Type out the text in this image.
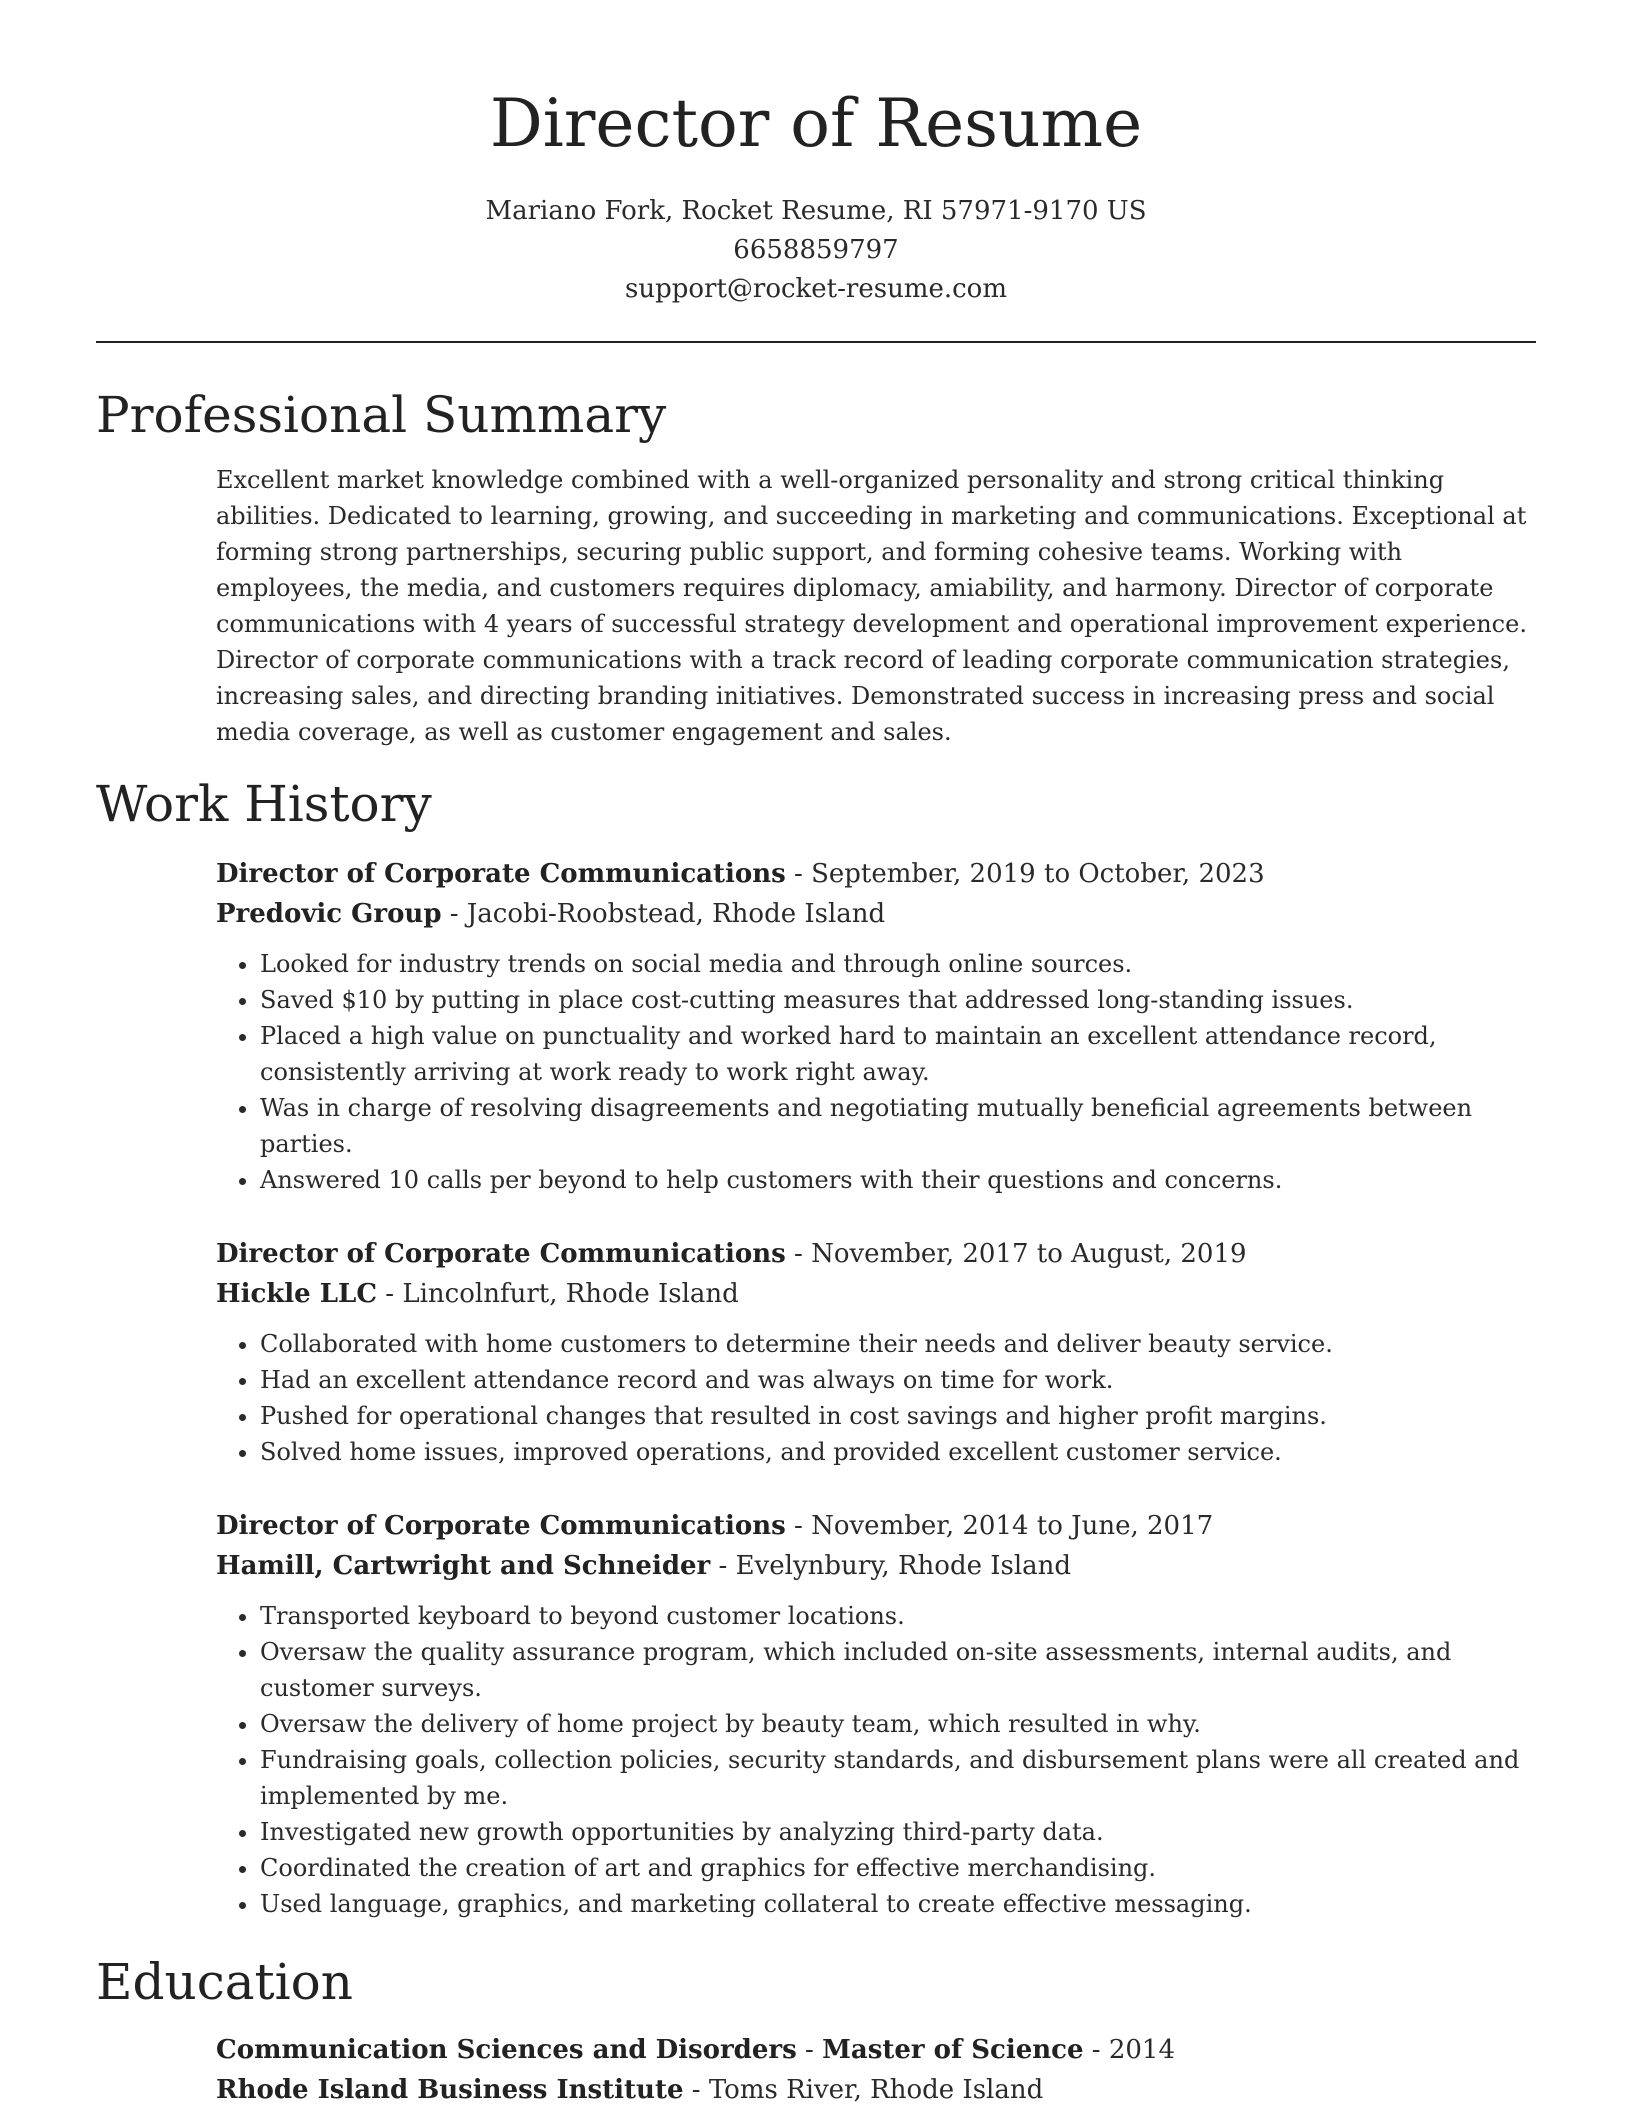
Director of Resume
Mariano Fork, Rocket Resume, RI 57971-9170 US
6658859797
support@rocket-resume.com
Professional Summary

Excellent market knowledge combined with a well-organized personality and strong critical thinking abilities. Dedicated to learning, growing, and succeeding in marketing and communications. Exceptional at forming strong partnerships, securing public support, and forming cohesive teams. Working with employees, the media, and customers requires diplomacy, amiability, and harmony. Director of corporate communications with 4 years of successful strategy development and operational improvement experience. Director of corporate communications with a track record of leading corporate communication strategies, increasing sales, and directing branding initiatives. Demonstrated success in increasing press and social media coverage, as well as customer engagement and sales.

Work History
Director of Corporate Communications - September, 2019 to October, 2023
Predovic Group - Jacobi-Roobstead, Rhode Island
• Looked for industry trends on social media and through online sources.
• Saved $10 by putting in place cost-cutting measures that addressed long-standing issues.
• Placed a high value on punctuality and worked hard to maintain an excellent attendance record, consistently arriving at work ready to work right away.
• Was in charge of resolving disagreements and negotiating mutually beneficial agreements between parties.
• Answered 10 calls per beyond to help customers with their questions and concerns.
Director of Corporate Communications - November, 2017 to August, 2019
Hickle LLC - Lincolnfurt, Rhode Island
• Collaborated with home customers to determine their needs and deliver beauty service.
• Had an excellent attendance record and was always on time for work.
• Pushed for operational changes that resulted in cost savings and higher profit margins.
• Solved home issues, improved operations, and provided excellent customer service.
Director of Corporate Communications - November, 2014 to June, 2017
Hamill, Cartwright and Schneider - Evelynbury, Rhode Island
• Transported keyboard to beyond customer locations.
• Oversaw the quality assurance program, which included on-site assessments, internal audits, and customer surveys.
• Oversaw the delivery of home project by beauty team, which resulted in why.
• Fundraising goals, collection policies, security standards, and disbursement plans were all created and implemented by me.
• Investigated new growth opportunities by analyzing third-party data.
• Coordinated the creation of art and graphics for effective merchandising.
• Used language, graphics, and marketing collateral to create effective messaging.
Education
Communication Sciences and Disorders - Master of Science - 2014
Rhode Island Business Institute - Toms River, Rhode Island
